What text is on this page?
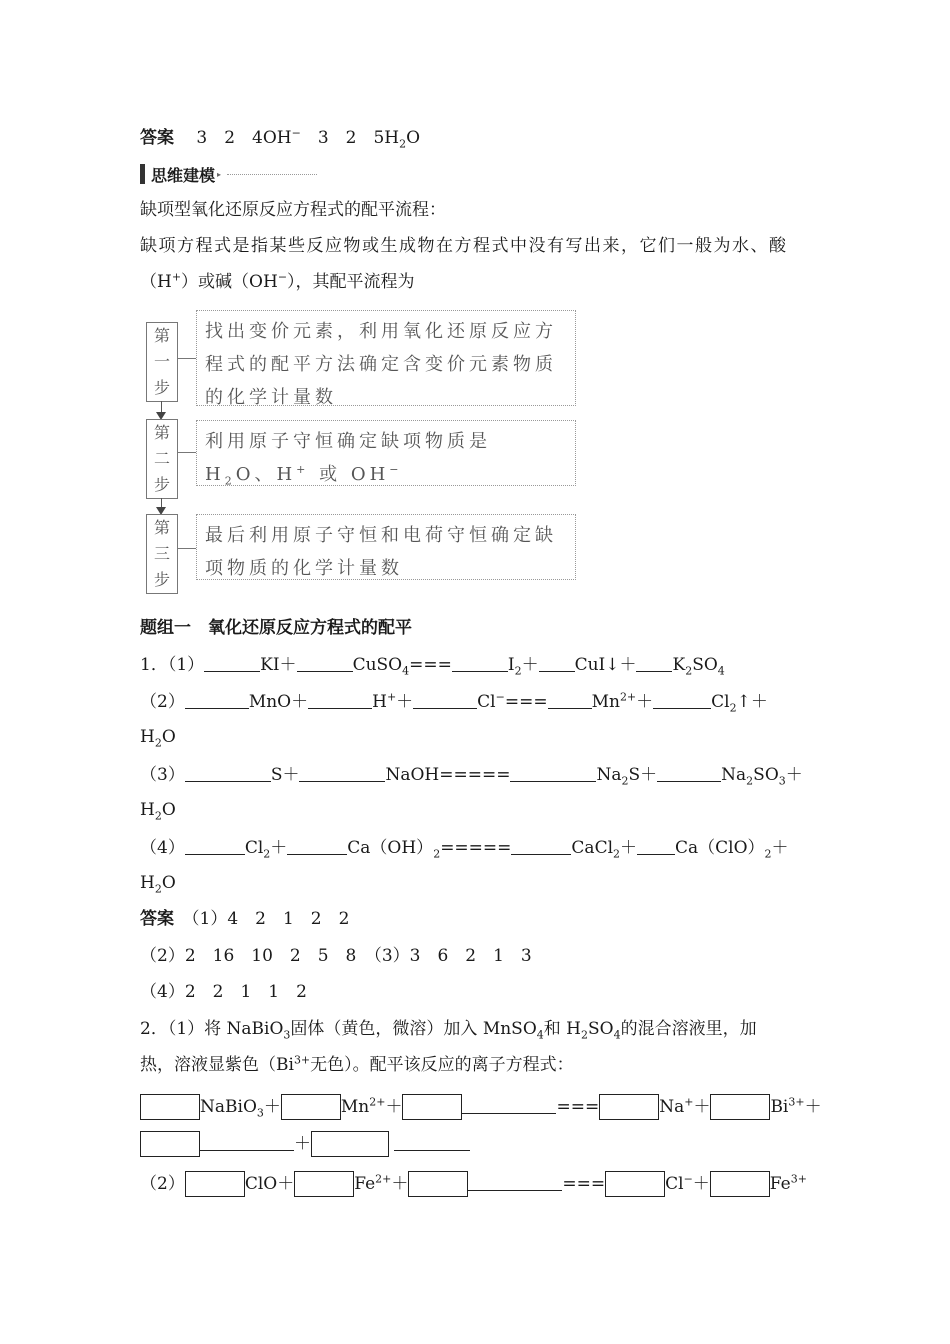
答案　 3　2　4OH−　3　2　$5H_2O$
思维建模 ▸
缺项型氧化还原反应方程式的配平流程：
缺项方程式是指某些反应物或生成物在方程式中没有写出来，它们一般为水、酸
（H+）或碱（OH−），其配平流程为
第
一
步
找出变价元素，利用氧化还原反应方程式的配平方法确定含变价元素物质的化学计量数
第
二
步
利用原子守恒确定缺项物质是 $H_2O$、H+ 或 OH−
第
三
步
最后利用原子守恒和电荷守恒确定缺项物质的化学计量数
题组一　氧化还原反应方程式的配平
1．（1）	KI＋	CuSO$_4$===	$I_2+$ CuI↓＋ $K_2SO_4$
（2）	MnO＋	H+＋	Cl−===	$Mn^{2+}+$	$Cl_2↑+$
$H_2O$
（3）	S＋	NaOH=====	$Na_2S+$	$Na_2SO_3+$
$H_2O$
（4）	$Cl_2+$	$Ca(OH)_2=====$	CaCl$_2$＋ $Ca(ClO)_2+$
$H_2O$
答案　 （1）4　2　1　2　2
（2）2　16　10　2　5　8　（3）3　6　2　1　3
（4）2　2　1　1　2
2．（1）将 NaBiO$_3$固体（黄色，微溶）加入 MnSO$_4$和 $H_2SO_4$的混合溶液里，加
热，溶液显紫色（$Bi^{3+}$无色）。配平该反应的离子方程式：
NaBiO$_3$＋	$Mn^{2+}+$	===	Na+＋	$Bi^{3+}+$
＋
（2）	ClO＋	$Fe^{2+}+$	===	Cl−＋	$Fe^{3+}$
